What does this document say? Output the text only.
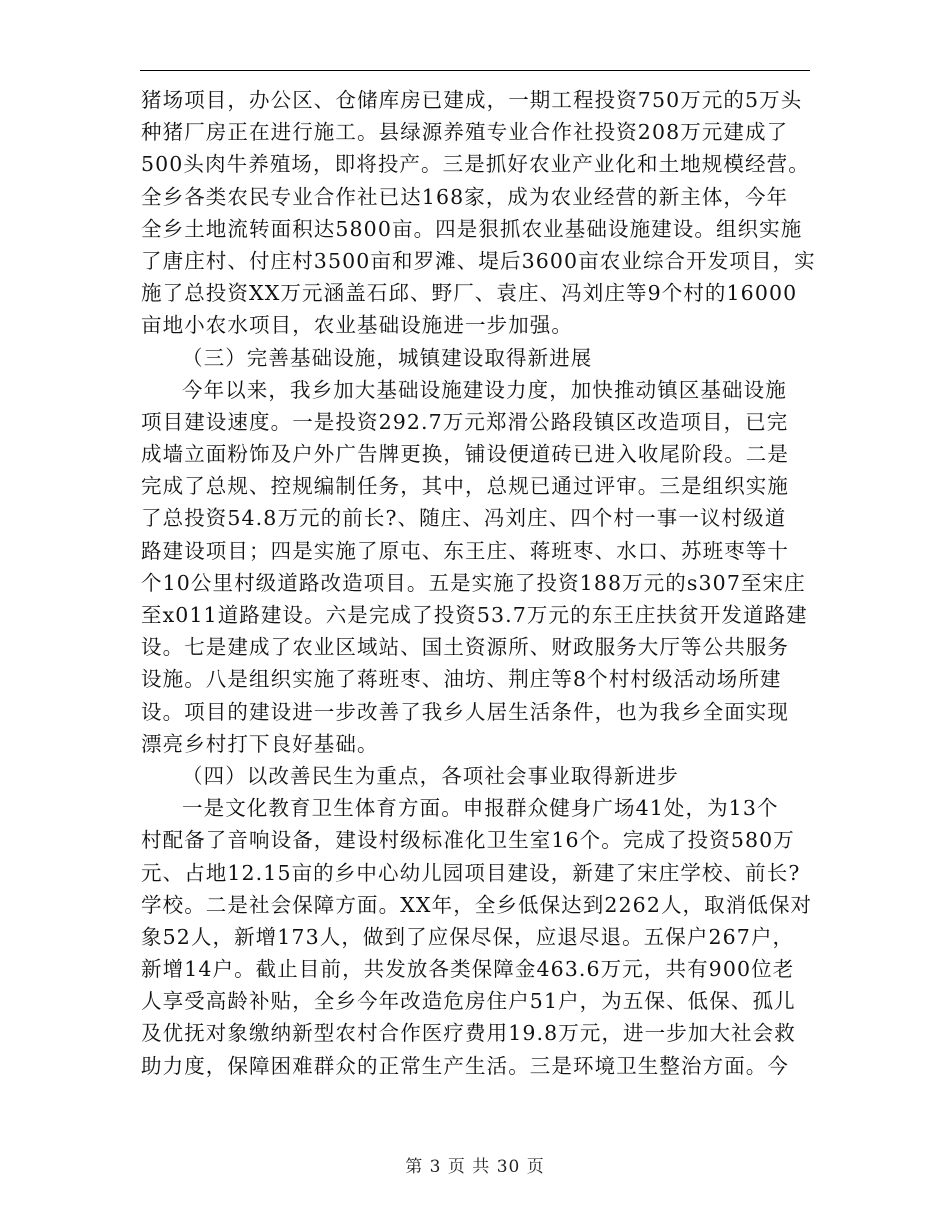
猪场项目，办公区、仓储库房已建成，一期工程投资750万元的5万头
种猪厂房正在进行施工。县绿源养殖专业合作社投资208万元建成了
500头肉牛养殖场，即将投产。三是抓好农业产业化和土地规模经营。
全乡各类农民专业合作社已达168家，成为农业经营的新主体，今年
全乡土地流转面积达5800亩。四是狠抓农业基础设施建设。组织实施
了唐庄村、付庄村3500亩和罗滩、堤后3600亩农业综合开发项目，实
施了总投资XX万元涵盖石邱、野厂、袁庄、冯刘庄等9个村的16000
亩地小农水项目，农业基础设施进一步加强。
（三）完善基础设施，城镇建设取得新进展
今年以来，我乡加大基础设施建设力度，加快推动镇区基础设施
项目建设速度。一是投资292.7万元郑滑公路段镇区改造项目，已完
成墙立面粉饰及户外广告牌更换，铺设便道砖已进入收尾阶段。二是
完成了总规、控规编制任务，其中，总规已通过评审。三是组织实施
了总投资54.8万元的前长?、随庄、冯刘庄、四个村一事一议村级道
路建设项目；四是实施了原屯、东王庄、蒋班枣、水口、苏班枣等十
个10公里村级道路改造项目。五是实施了投资188万元的s307至宋庄
至x011道路建设。六是完成了投资53.7万元的东王庄扶贫开发道路建
设。七是建成了农业区域站、国土资源所、财政服务大厅等公共服务
设施。八是组织实施了蒋班枣、油坊、荆庄等8个村村级活动场所建
设。项目的建设进一步改善了我乡人居生活条件，也为我乡全面实现
漂亮乡村打下良好基础。
（四）以改善民生为重点，各项社会事业取得新进步
一是文化教育卫生体育方面。申报群众健身广场41处，为13个
村配备了音响设备，建设村级标准化卫生室16个。完成了投资580万
元、占地12.15亩的乡中心幼儿园项目建设，新建了宋庄学校、前长?
学校。二是社会保障方面。XX年，全乡低保达到2262人，取消低保对
象52人，新增173人，做到了应保尽保，应退尽退。五保户267户，
新增14户。截止目前，共发放各类保障金463.6万元，共有900位老
人享受高龄补贴，全乡今年改造危房住户51户，为五保、低保、孤儿
及优抚对象缴纳新型农村合作医疗费用19.8万元，进一步加大社会救
助力度，保障困难群众的正常生产生活。三是环境卫生整治方面。今
第 3 页 共 30 页
